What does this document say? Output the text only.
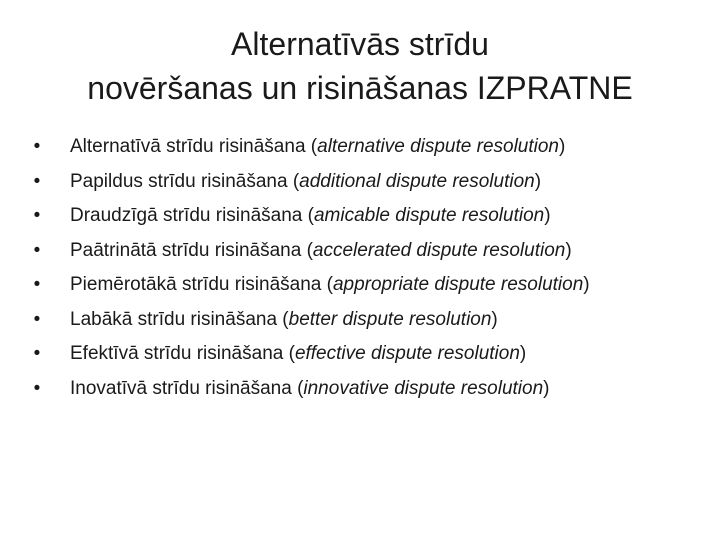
Alternatīvās strīdu
novēršanas un risināšanas IZPRATNE
• Alternatīvā strīdu risināšana (alternative dispute resolution)
• Papildus strīdu risināšana (additional dispute resolution)
• Draudzīgā strīdu risināšana (amicable dispute resolution)
• Paātrinātā strīdu risināšana (accelerated dispute resolution)
• Piemērotākā strīdu risināšana (appropriate dispute resolution)
• Labākā strīdu risināšana (better dispute resolution)
• Efektīvā strīdu risināšana (effective dispute resolution)
• Inovatīvā strīdu risināšana (innovative dispute resolution)
